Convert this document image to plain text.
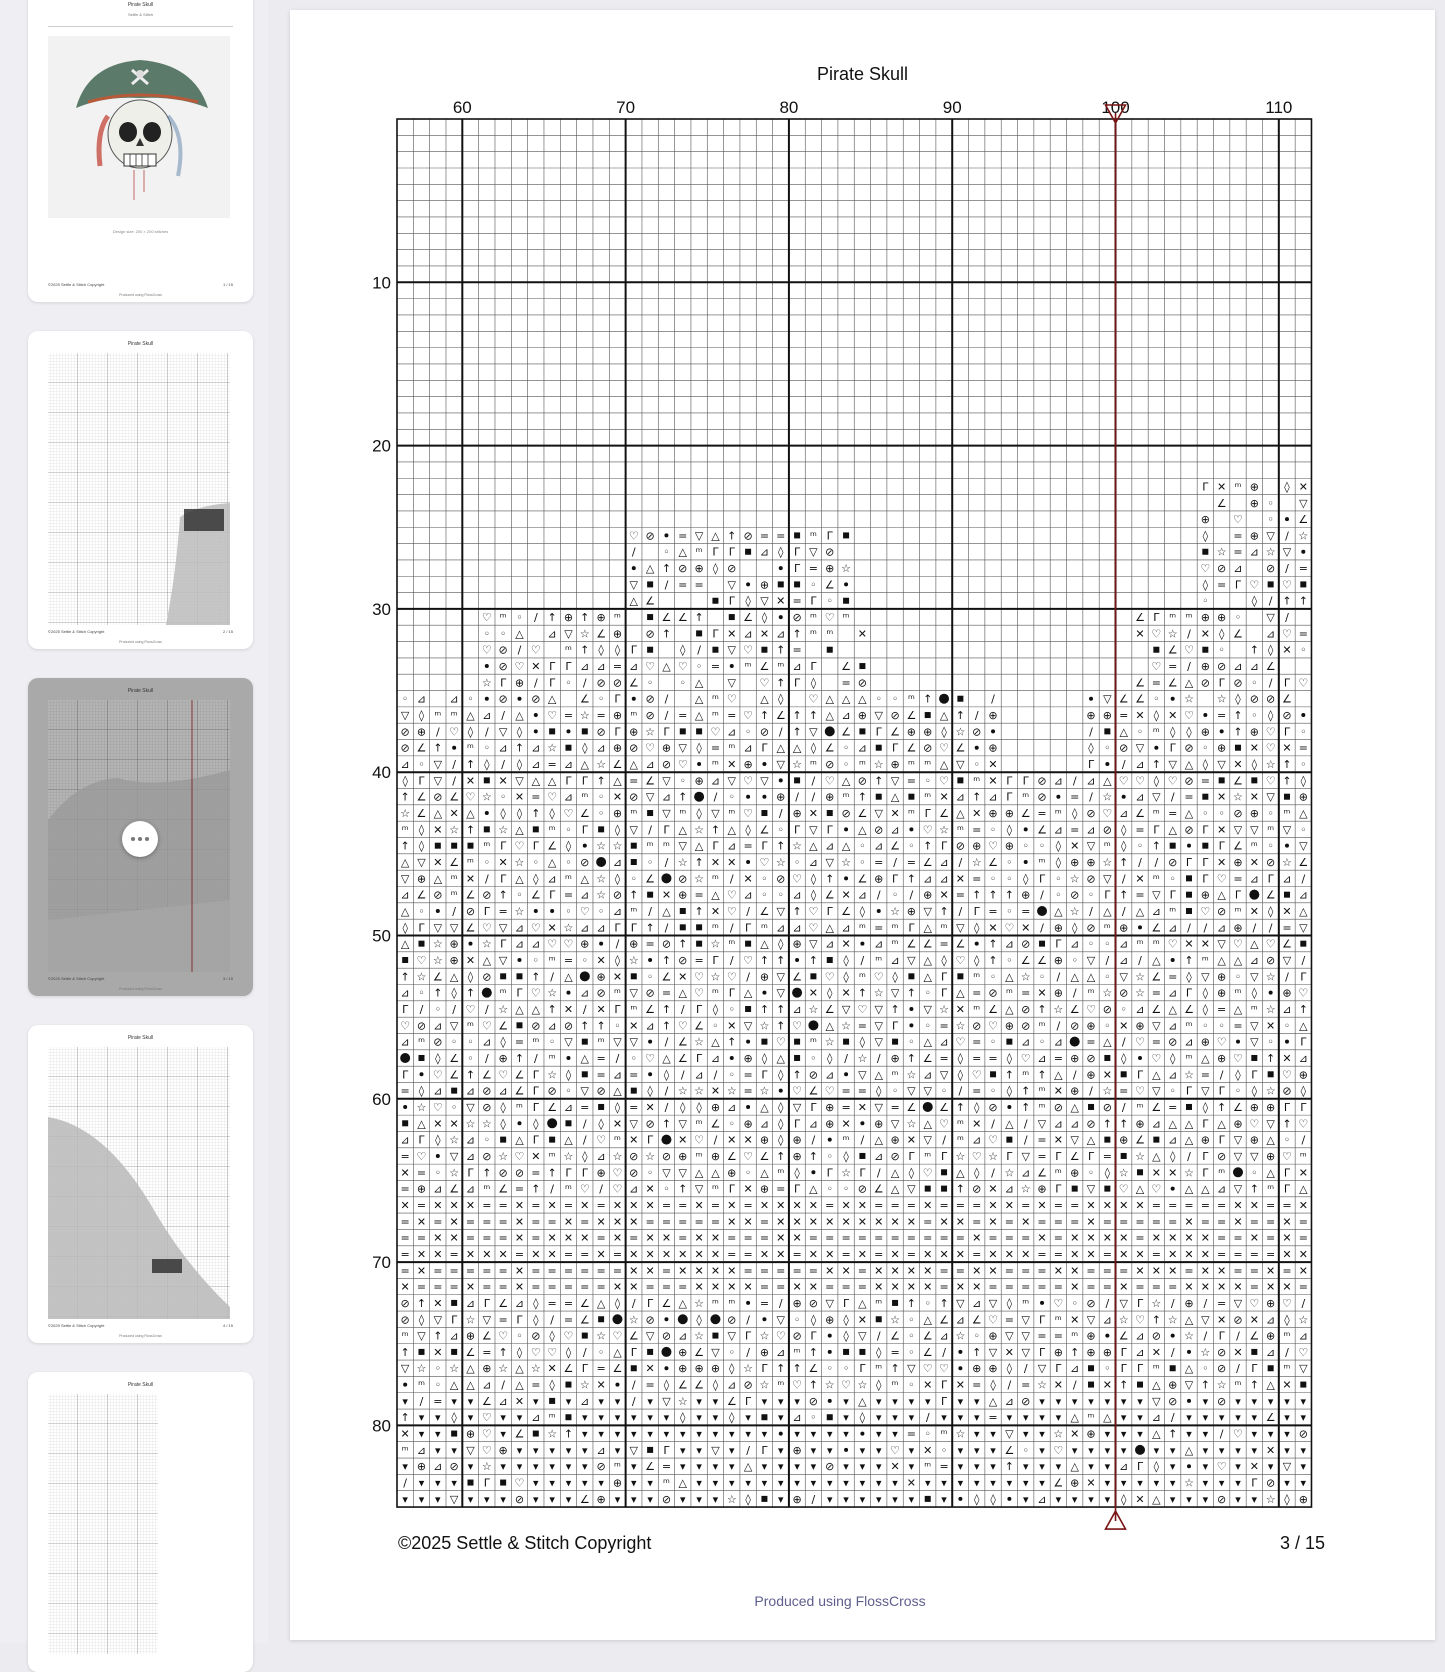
Pirate Skull
Settle & Stitch
Design size: 200 × 200 stitches
©2025 Settle & Stitch Copyright	1 / 15
Produced using FlossCross
Pirate Skull
©2025 Settle & Stitch Copyright	2 / 15
Produced using FlossCross
Pirate Skull
©2025 Settle & Stitch Copyright	3 / 15
Produced using FlossCross
Pirate Skull
©2025 Settle & Stitch Copyright	4 / 15
Produced using FlossCross
Pirate Skull
Pirate Skull
60	70	80	90	100	110
10
20
30
40
50
60
70
80
Γ ✕ ᵐ ⊕ ◊ ✕
∠ ⊕ ◦ ▽
⊕ ♡ ◦ ∠
♡ ⊘ = ▽ △ ↑ ⊘ = = ᵐ Γ	◊ = ⊕ ▽ ∕ ☆
∕	◦ △ ᵐ Γ Γ ⊿ ◊ Γ ▽ ⊘	☆ = ⊿ ☆ ▽
△ ↑ ⊘ ⊕ ◊ ⊘	Γ = ⊕ ☆	♡ ⊘ ⊿ ⊘ ∕ =
▽ ∕ = = ▽ ⊕	◦ ∠	◊ = Γ ♡ ♡
△ ∠	Γ ◊ ▽ ✕ = Γ ◦	◦	◊ ∕ ↑ ↑
♡ ᵐ ◦ ∕ ↑ ⊕ ↑ ⊕ ᵐ	∠ ∠ ↑	∠ ◊ ⊘ ᵐ ♡ ᵐ	∠ Γ ᵐ ᵐ ⊕ ⊕ ◦ ▽ ∕
◦ ◦ △ ⊿ ▽ ☆ ∠ ⊕ ⊘ ↑	Γ ✕ ⊿ ✕ ⊿ ↑ ᵐ ᵐ ✕	✕ ♡ ☆ ∕ ✕ ◊ ∠ ⊿ ♡ =
♡ ⊘ ∕ ♡ ᵐ ↑ ◊ ◊ Γ	◊ ∕ ▽ ♡ ↑ =	∠ ♡ ◦ ↑ ◊ ✕ ◦
⊘ ♡ ✕ Γ Γ ⊿ ⊿ = ⊿ ♡ △ ♡ ◦ = ᵐ ∠ ᵐ ⊿ Γ ∠	♡ = ∕ ⊕ ⊘ ⊿ ⊿ ∠
☆ Γ ⊕ ∕ Γ ◦ ∕ ⊘ ⊘ ∠ ◦ ◦ △ ▽ ♡ ↑ Γ ◊ = ⊘	∠ = ∠ △ ⊘ Γ ⊘ ◦ ∕ Γ ♡
◦ ⊿ ⊿ ◦ ⊘ ⊘ △ ∠ ◦ Γ ⊘ ∕ △ ᵐ ♡ △ ◊ ♡ △ △ △ ◦ ◦ ᵐ ↑	∕	▽ ∠ ∠ ◦ ☆ ☆ ◊ ⊘ ⊘ ∠
▽ ◊ ᵐ ᵐ △ ⊿ ∕ △ ♡ = ☆ = ⊕ ᵐ ⊘ ∕ = △ ᵐ = ♡ ↑ ∠ ↑ ↑ △ ⊿ ⊕ ▽ ⊘ ∠ △ ↑ ∕ ⊕	⊕ ⊕ = ✕ ◊ ✕ ♡ = ↑ ◦ ◊ ⊘
⊘ ⊕ ∕ ♡ ◊ ∕ ▽ ◊	⊘ Γ ⊕ ☆ Γ	♡ ⊿ ◦ ⊘ ∕ ↑ ▽ ∠ Γ ∠ ⊕ ⊕ ◊ ☆ ⊘	∕ △ ◦ ᵐ ◊ ◊ ⊕ ↑ ⊕ ♡ Γ ◦
⊘ ∠ ↑ ᵐ ◦ ⊿ ↑ ⊿ ☆ ◊ ⊿ ⊕ ⊘ ♡ ⊕ ▽ ◊ = ᵐ ⊿ Γ △ △ ◊ ∠ ◦ ⊿ Γ ∠ ⊘ ♡ ∠ ⊕	◊ ◦ ⊘ ▽ Γ ⊘ ◦ ⊕ ✕ ♡ ✕ =
⊿ ◦ ▽ ∕ ↑ ◊ ∕ ◊ ⊿ = ⊿ △ ☆ ∠ △ ⊿ ⊘ ♡ ᵐ ✕ ⊕ ▽ ☆ ᵐ ⊘ ◦ ᵐ ☆ ⊕ ᵐ ᵐ △ ▽ ◦ ✕	Γ	∕ ⊿ ↑ ▽ △ ◊ ▽ ✕ ◊ ☆ ↑ ◦
◊ Γ ▽ ∕ ✕ ✕ ▽ △ △ Γ Γ ↑ △ = ∠ ▽ ◦ ⊕ ⊿ ▽ ♡ ▽	∕ ♡ △ ⊘ ↑ ▽ = ◦ ♡ ᵐ ✕ Γ Γ ⊘ ⊿ ∕ ⊿ △ ♡ ♡ ◊ ♡ ⊘ = ∠ ♡ ↑ ◊
↑ ∠ ⊘ ∠ ♡ ☆ ◦ ✕ = ♡ ⊿ ᵐ ◦ ✕ ⊘ ▽ ⊿ ↑ ∕ ◦	⊕ ∕ ∕ ⊕ ᵐ ↑ △ ᵐ ✕ ⊿ ↑ ⊿ Γ ᵐ ⊘ = ∕ ☆ ⊿ ▽ ∕ = ✕ ☆ ✕ ▽ ⊕
☆ ∠ △ ✕ △ ◊ ◊ ↑ ◊ ♡ ∠ ◦ ⊕ ᵐ ▽ ᵐ ◊ ▽ ᵐ ♡ ∕ ⊕ ✕ ⊘ ∠ ▽ ✕ ᵐ Γ ∠ △ ✕ ⊕ ⊕ ∠ = ᵐ ◊ ⊘ ♡ ⊿ ∠ ᵐ = △ ◦ ◦ ⊘ ⊕ ◦ ᵐ △
ᵐ ◊ ✕ ☆ ↑ ☆ △ ᵐ ◦ Γ ◊ ▽ ∕ Γ △ ☆ ↑ △ ◊ ∠ ◦ Γ ▽ Γ △ ⊘ ⊿ ♡ ☆ ᵐ = ◦ ◊ ∠ ⊿ = ⊿ ⊘ ◊ = Γ △ ⊘ Γ ✕ ▽ ▽ ᵐ ▽ ◦
↑ ◊	ᵐ Γ ♡ Γ ∠ ◊ ☆ ☆ ᵐ ᵐ ▽ △ Γ ⊿ = Γ ↑ ☆ △ ⊿ △ ◦ ⊿ ∠ ◦ ↑ Γ ⊘ ⊕ ♡ ⊕ ◦ ◦ ◊ ✕ ▽ ᵐ ◊ ◦ ↑	Γ ∠ ᵐ ◦ ▽
△ ▽ ✕ ∠ ᵐ ◦ ✕ ☆ ◦ △ ◦ ⊘ ⊿ ◦ ∕ ☆ ↑ ✕ ✕ ♡ ☆ ◦ ⊿ ▽ ☆ ◦ = ∕ = ∠ ⊿ ∕ ☆ ∠ ◦ ᵐ ◊ ⊕ ⊕ ☆ ↑ ∕ ∕ ⊘ Γ Γ ✕ ⊕ ✕ ⊘ ☆ ∠
▽ ⊕ △ ᵐ ✕ ∕ Γ △ ◊ ⊿ ᵐ △ ☆ ◊ ◦ ∠ ⊘ ☆ ᵐ ∕ ✕ ◦ ⊘ ♡ ◊ ↑ ∠ ⊕ Γ ↑ ⊿ ⊿ ✕ = ◦ ◦ ◊ Γ ◦ ☆ ⊘ ▽ ∕ ✕ ᵐ ◦ Γ ♡ = ⊿ Γ ⊿ ∕
⊿ ∠ ⊘ ᵐ ∠ ⊘ ↑ ◦ ∠ Γ = ⊿ ☆ ⊘ ↑ ✕ ⊕ = △ ♡ ⊿ ◦ ◦ ⊿ ◊ ∠ ✕ ⊿ ∕ ◦ ∕ ⊕ ✕ = ↑ ↑ ↑ ⊕ ∕ ◦ ⊘ ◦ Γ ↑ = ▽ Γ ⊕ △ Γ ∠ ⊿
△ ◦	∕ ⊘ Γ = ☆	◦ ♡ ◦ ⊿ ᵐ ∕ △ ↑ ✕ ♡ ∕ ∠ ▽ ↑ ♡ Γ ∠ ◊ ☆ ⊕ ▽ ↑ ∕ Γ = ◦ = △ ☆ ∕ △ ∕ △ ⊿ ᵐ ♡ ⊘ ᵐ ✕ ◊ ✕ △
◊ Γ ▽ ▽ ∠ ♡ ▽ ⊿ ♡ ✕ ☆ ⊿ ⊿ Γ Γ ↑ ∕	ᵐ ∕ Γ ᵐ ⊿ ⊿ ♡ △ ⊿ ᵐ = ᵐ Γ △ ᵐ ▽ ◊ ✕ ♡ ✕ ∕ ⊕ ◊ ⊘ ᵐ ⊕ ∠ ⊿ ∕ ∕ ⊿ ⊕ ∕ ∕ = ▽
△ ☆ ⊕ ☆ Γ ⊿ ⊿ ♡ ♡ ⊕ ∕ ⊕ = ⊘ ↑ ☆ ᵐ △ ◊ ⊕ ▽ ⊿ ✕ ⊿ ᵐ ∠ ∠ = ∠ ↑ ⊿ ⊘ Γ ⊿ ◦ ◦ ⊿ ᵐ ᵐ ♡ ✕ ✕ ▽ ♡ △ ♡ ∠
♡ ☆ ⊕ ✕ △ ▽ ◦ ᵐ = ◦ ✕ ◊ ☆ ↑ ⊘ = Γ ∕ ♡ ↑ ↑ ↑ ◊ ∕ ᵐ ⊿ ▽ △ ◊ ♡ ◊ ↑ ◦ ∠ ∠ ⊕ ◦ ▽ ∕ ⊿ ∕ △ ↑ ᵐ △ △ ⊿ ⊘ ▽ ∕
↑ ☆ ∠ △ ◊ ⊘	↑ ∕ △ ⊕ ✕ ◦ ∠ ✕ ♡ ☆ ♡ ∕ ⊕ ▽ ∠ ♡ ◊ ᵐ ♡ ◊ △ Γ ᵐ ◦ △ ☆ ◦ ∕ △ △ ◦ ▽ ☆ ∠ = ◊ ▽ ⊕ ◦ ▽ ☆ ∕ Γ
⊿ ◦ ↑ ◊ ↑ ᵐ Γ ♡ ☆ ⊿ ⊘ ᵐ ▽ ⊘ = △ ♡ ᵐ Γ △ ▽ ✕ ◊ ✕ ↑ ☆ ▽ ↑ ◦ Γ △ = ⊘ ᵐ = ✕ ⊕ ∕ ᵐ ☆ ⊘ ☆ = ⊿ Γ ◊ ⊕ ᵐ ◊ ⊕ ♡
Γ ∕ ◦ ∕ ♡ ∕ ☆ △ △ ↑ ✕ ∕ ✕ Γ ᵐ ∠ ↑ ∕ Γ ◊ ◦ ↑ ↑ ⊿ ☆ ∠ ▽ ♡ ▽ ↑ ▽ ☆ ✕ ᵐ ∠ △ ⊘ ↑ ☆ ∠ ♡ ⊘ ◦ ⊿ ∠ △ ∠ ◊ = △ ᵐ ☆ ⊿ ↑
♡ ⊘ ⊿ ▽ ᵐ ♡ ∠ ⊘ ⊿ ⊘ ↑ ↑ ◦ ✕ ⊿ ↑ ♡ ∠ ◦ ✕ ▽ ☆ ↑ ♡ △ ☆ = ▽ Γ ◦ = ☆ ⊘ ♡ ⊕ ⊘ ᵐ ∕ ⊘ ⊕ ◦ ✕ ⊕ ▽ ⊿ ᵐ ◦ ◦ = ▽ ✕ ◦ △
⊿ ᵐ ⊘ ◦ ◦ ⊿ ◊ = ᵐ ◦ ▽ ᵐ ▽ ▽ ∕ ∠ ☆ △ ↑	♡ ᵐ ☆ ◊ ▽ ◦ △ ⊿ ♡ = ◦ ⊿ ◦ ⊿ = △ ∕ ♡ = ⊘ ⊿ ⊕ ♡ ▽ ◦ Γ
◊ ∠ ◦ ∕ ⊕ ↑ ∕ ᵐ △ = ∕ ◦ ♡ △ ∠ Γ ⊿ ⊕ ◊ △ ◦ ◊ ∕ ☆ ∕ ⊕ ↑ ∠ = ◊ = = ◊ ♡ ⊿ = ⊕ ⊘ ◊ ♡ ◊ ᵐ △ ⊕ ♡ ↑ ✕ ⊿
Γ ♡ ∠ ↑ ∠ ♡ ∠ Γ ☆ ◊ = ⊿ = ◊ ∕ ⊿ ∕ ◦ = Γ ◊ ↑ ⊘ ⊿ ▽ △ ᵐ ☆ ⊿ ▽ ◊ ♡ ↑ ᵐ ↑ △ ∕ ⊕ ✕ Γ △ ⊿ ☆ = ∕ ◊ Γ ♡ ⊕
= ◊ ⊿ ⊿ ⊘ ⊿ ∠ Γ ⊘ ◦ ▽ ⊘ △ ◊ ∕ ☆ ☆ ✕ ☆ = ☆ ♡ ∠ ♡ = = ◊ ◦ ▽ ▽ ◦ ∕ = ◦ ◊ ↑ ᵐ ✕ ⊕ ∕ ☆ = ♡ ▽ ◦ Γ ▽ Γ ◦ ◊ ☆ ⊘ ◊
☆ ♡ ◦ ▽ ⊘ ◊ ᵐ Γ ∠ ⊿ = ◊ = ✕ ∕ ◊ ◊ ⊕ ⊿ △ ◊ ▽ Γ ⊕ = ✕ ▽ = ∠ ∠ ↑ ◊ ⊘ ↑ ᵐ ⊘ △ ⊘ ∕ ᵐ ∠ = ◊ ↑ ∠ ⊕ ⊕ Γ Γ
△ ✕ ✕ ☆ ☆ ◊ ◊	∕ ◊ ✕ ▽ ⊘ ↑ ▽ ᵐ ∠ ◦ ⊕ ⊿ ◊ Γ ⊿ ⊕ ✕ ⊕ ▽ ☆ △ ♡ ᵐ ✕ ∕ △ ∕ ▽ ⊿ ⊿ ⊘ ↑ ↑ ⊕ ⊿ △ △ Γ △ ⊕ ♡ ▽ ↑ ♡
⊿ Γ ◊ ☆ ⊿ ◦ △ Γ △ ∕ ♡ ᵐ ✕ Γ ✕ ♡ ∕ ✕ ✕ ⊕ ◊ ⊕ ∕ ᵐ ∕ △ ⊕ ✕ ▽ ∕ ᵐ ⊿ ♡ ∕ = ✕ ▽ △ ⊕ ∠ ⊿ △ ⊕ Γ ▽ ⊕ △ ◦ ∕
= ♡ ▽ ⊿ ⊘ ☆ ♡ ✕ ᵐ ☆ ◊ ⊿ ☆ ⊘ ☆ ⊘ ⊕ ᵐ ⊕ ∠ ♡ ∠ ↑ ⊕ ↑ ◦ ◊ ⊿ ⊘ Γ ᵐ Γ ☆ ♡ ☆ Γ ▽ = Γ ∠ Γ = ☆ △ ◊ ∕ Γ ⊘ ▽ ▽ ⊕ ♡ ᵐ
✕ = ◦ ☆ Γ ↑ ⊘ ⊘ = ↑ Γ Γ ⊕ ♡ ⊘ ◦ ▽ ▽ △ △ ⊕ ◦ △ ᵐ ◊ Γ ☆ Γ ∕ △ ◊ ♡ △ ◊ ∕ ☆ ⊿ ∠ ᵐ ⊕ ◦ ◊ ☆ ✕ ✕ ☆ Γ ᵐ ◦ △ Γ ✕
= ⊕ ⊿ ∠ ⊿ ᵐ ∠ = ↑ ∕ ᵐ ♡ ∕ ♡ ⊿ ✕ ◦ ↑ ▽ ᵐ Γ ✕ ⊕ = Γ △ ◦ ◦ ⊘ ∠ △ ▽	↑ ⊘ ✕ ⊿ ☆ ⊕ Γ ▽ ♡ △ ♡ △ △ ⊿ ▽ ↑ ᵐ Γ △
✕ = ✕ ✕ ✕ = = ✕ = ✕ = ✕ = ✕ ✕ ✕ = = ✕ = ✕ = ✕ ✕ ✕ ✕ = ✕ ✕ = = = ✕ = = = ✕ ✕ = ✕ = = ✕ ✕ ✕ ✕ = = = = = ✕ ✕ = = ✕
= ✕ = ✕ = = = ✕ = = ✕ = ✕ ✕ ✕ = = = = = ✕ ✕ = ✕ ✕ ✕ ✕ ✕ ✕ ✕ ✕ ✕ = ✕ ✕ = ✕ = ✕ = = = ✕ = = = = = ✕ = = ✕ = = ✕ =
= = ✕ ✕ = = = ✕ = ✕ ✕ ✕ = ✕ = ✕ ✕ = ✕ ✕ = = = ✕ ✕ = = = = = = = = = = ✕ = = = ✕ = ✕ ✕ ✕ ✕ = ✕ ✕ ✕ ✕ = = ✕ = ✕ =
= ✕ ✕ = ✕ ✕ ✕ = ✕ ✕ = = ✕ = ✕ ✕ ✕ ✕ ✕ ✕ = = ✕ ✕ = ✕ ✕ = ✕ = ✕ = ✕ ✕ ✕ = ✕ ✕ ✕ = = ✕ ✕ = ✕ ✕ = ✕ ✕ ✕ = = = = ✕ ✕
= ✕ = = = = = ✕ = = = = = = ✕ ✕ = ✕ ✕ ✕ ✕ = = = = = ✕ ✕ = ✕ ✕ ✕ ✕ = = ✕ ✕ = = = ✕ ✕ = = = ✕ ✕ ✕ = ✕ ✕ = = ✕ = ✕
✕ = = = ✕ = = ✕ = = = = = ✕ ✕ = = = ✕ ✕ ✕ ✕ = = ✕ ✕ = = = ✕ ✕ ✕ ✕ = ✕ ✕ = = = = = ✕ = = ✕ = = = ✕ ✕ ✕ ✕ = ✕ ✕ =
⊘ ↑ ✕ ⊿ Γ ∠ ⊿ ◊ = = ∠ △ ◊ ∕ Γ ∠ △ ☆ ᵐ ᵐ = ∕ ⊕ ⊘ ▽ Γ △ ᵐ ↑ ◦ ↑ ▽ ⊿ ▽ ◊ ᵐ ♡ ◦ ⊘ ∕ ▽ Γ ☆ ∕ ⊕ ∕ = ▽ ♡ ⊕ ♡ ∕
⊘ ◊ ▽ Γ ☆ ▽ = Γ ◊ ∕ = ∠	☆ ⊘	◊ ⊘ ∕ ▽ ◦ ◊ ⊕ ◊ ✕ ☆ ◦ △ ∠ ⊿ ∠ ♡ = ▽ Γ ᵐ ✕ ▽ ⊿ ☆ ♡ ↑ ☆ △ ▽ ✕ ⊘ ✕ ⊿ ◊ ☆
ᵐ ▽ ↑ ⊿ ⊕ ∠ ♡ ◦ ⊘ ◊ ♡ ☆ ♡ ∠ ▽ ⊘ ⊿ ☆ ▽ Γ ☆ ♡ ⊘ Γ ◊ ▽ ∕ ∠ ◦ ∠ ⊿ ☆ ◦ ⊕ ▽ ▽ = = ᵐ ⊕ ∠ ⊿ ⊘ ☆ ∕ Γ ∕ ∠ ⊕ ᵐ ⊿
↑ ✕ ∠ = ↑ ◊ ♡ ♡ ◊ ∕ ◦ △ Γ	⊕ ∠ ▽ ◦ ∕ ⊕ ⊿ ᵐ ↑	◊ = ◦ ∠ ∕ ↑ ▽ ✕ ▽ Γ ⊕ ↑ ⊕ ⊕ Γ ⊿ ✕ ∕ ☆ ⊘ ✕ ⊿ ∕ ♡
▽ ☆ ◦ ☆ △ ⊕ ☆ △ ☆ ✕ ∠ Γ = ∠ ✕ ⊕ ⊕ ⊕ ◊ ☆ Γ ↑ ↑ ∠ ◦ ◦ Γ ᵐ ↑ ▽ ♡ ♡ ⊕ ⊕ ◊ ∕ ▽ Γ ⊿ ◦ Γ Γ ᵐ △ ◦ ⊘ ∕ Γ ᵐ ▽
ᵐ ◦ △ △ ⊿ ∕ △ = ◊ ☆ ✕ ∕ = ◊ ∠ ∠ ◊ ⊿ ⊘ ☆ ᵐ ♡ ↑ ☆ ♡ ☆ ◊ ᵐ ◦ ✕ Γ ✕ = ◊ ∕ = ☆ ✕ ∕ ✕ ↑ △ ⊕ ▽ ↑ ☆ ᵐ ↑ △ ✕
▾ ∕ = ▾ ▾ ∠ ⊿ ✕ ▾ ▾ ⊿ ▾ ▾ ∕ ▾ ▽ ☆ ▾ ▾ ∠ Γ ▾ ▾ ▾ ⊘ ▾ △ ▾ ▾ ▾ ▾ Γ ▾ ▾ △ ⊿ ⊘ ▾ ▾ ▾ ▾ ▾ ▾ ▾ ▽ ⊘ ▾ ⊘ ▾ ▾ ▾ ▾ ▾
↑ ▾ ▾ ◊ ▾ ♡ ▾ ▾ ⊿ ᵐ ▾ ▾ ▾ ▾ ▾ ▾ ◊ ▾ ▾ ◊ ▾ ▾ ⊿ ◦ ▾ ◊ ▾ ▾ ▾ ∕ ▾ ▾ ▾ = ▾ ▾ ▾ ▾ △ ᵐ △ ▾ ▾ ⊿ ∕ ▾ ▾ ▾ ▾ ▾ ∠ ▾ ▾
✕ ▾ ▾ ⊕ ♡ ▾ ∠ ☆ ↑ ▾ ▾ ▾ ▾ ▾ ▾ ▾ ▾ ▾ ▾ ▾ ▾ ▾ ▾ ▾ ▾ ▾ ▾ = ◦ ᵐ ☆ ▾ ▾ ▽ ▾ ▾ ☆ ✕ ⊕ ▾ ▾ ▾ △ ↑ ▾ ▾ ∕ ♡ ▾ ▾ ▾ ⊘
ᵐ ⊿ ▾ ▾ ▽ ♡ ⊕ ▾ ▾ ▾ ▾ ▾ ⊿ ▾ ▽ Γ ▾ ▾ ▽ ▾ ∕ Γ ▾ ⊕ ▾ ▾ ▾ ▾ ♡ ▾ ✕ ◦ ▾ ▾ ▾ ∠ ◦ ▾ ♡ ▾ ▾ ▾ ▾ ▾ ▾ △ ▾ ▾ ▾ ▾ ✕ ▾ ▾
▾ ⊕ ⊿ ⊘ ▾ ☆ ▾ ▾ ▾ ▾ ▾ ▾ ⊘ ᵐ ▾ ∠ = ▾ ▾ ▾ ▾ △ ▾ ▾ ▾ ▾ ⊘ ▾ ▾ ▾ ✕ ▾ ᵐ = ▾ ▾ ▾ ↑ ▾ ▾ ▾ △ ▾ ▾ ⊿ Γ ◊ ▾ ▾ ♡ ▾ ✕ ▾ ▽ ▾
∕ ▾ ▾ ▾ Γ ♡ ▾ ▾ ▾ ▾ ▾ ⊕ ▾ ▾ ᵐ △ ▾ ▾ ▾ ▾ ▾ ▾ ▾ ▾ ▾ ▾ ▾ ▾ ▾ ✕ ▾ ▾ ▾ ▾ ▾ ▾ ▾ ▾ ∠ ⊕ ✕ ▾ ▾ ▾ ▾ ▾ ☆ ▾ ▾ ▾ Γ ⊘ ▾ ▾
▾ ▾ ▾ ▽ ▾ ▾ ▾ ⊘ ▾ ▾ ▾ ∠ ⊕ ▾ ▾ ▾ ⊘ ▾ ▾ ▾ ☆ ◊ ▾ ⊕ ∕ ▾ ▾ ▾ ▾ ▾ ▾ ▾ ◊ ◊ ▾ ⊿ ▾ ▾ ▾ ▾ ◊ ✕ △ ▾ ▾ ▾ ⊘ ▾ ▾ ☆ ◊ ⊕
©2025 Settle & Stitch Copyright	3 / 15
Produced using FlossCross
